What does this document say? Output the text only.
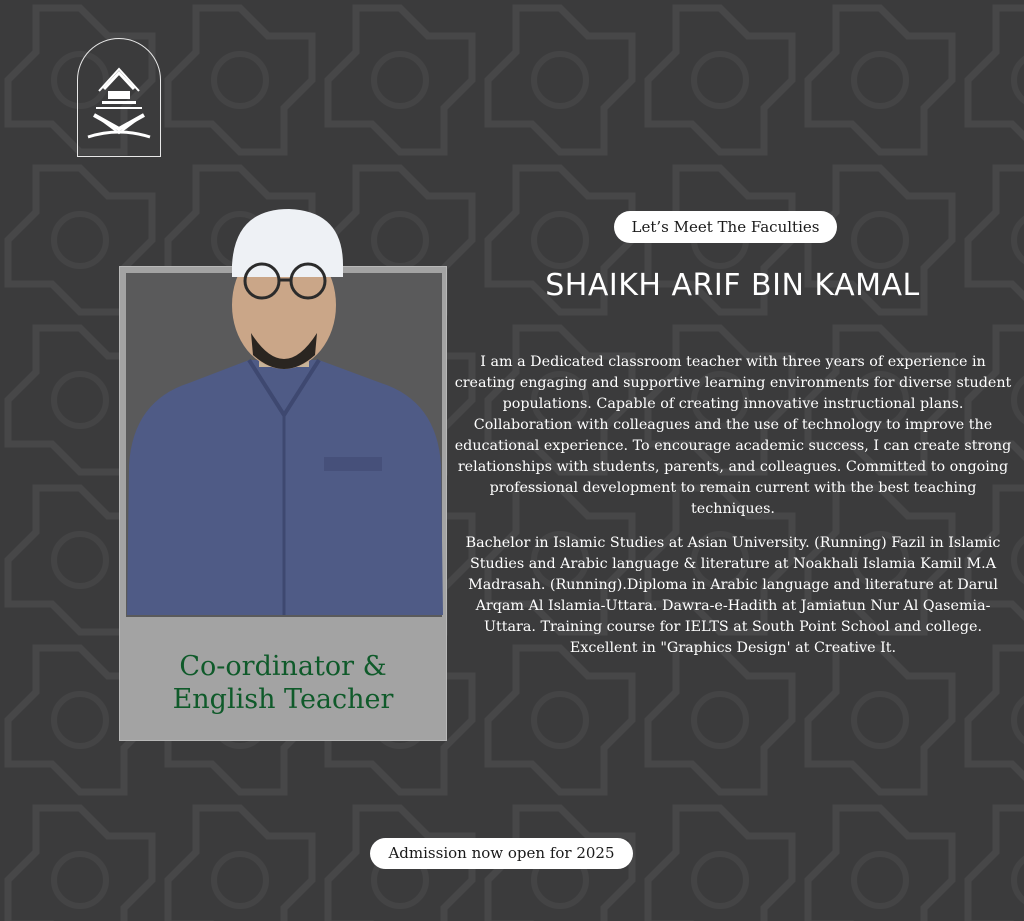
Co-ordinator &
English Teacher
Let’s Meet The Faculties
SHAIKH ARIF BIN KAMAL

I am a Dedicated classroom teacher with three years of experience in creating engaging and supportive learning environments for diverse student populations. Capable of creating innovative instructional plans. Collaboration with colleagues and the use of technology to improve the educational experience. To encourage academic success, I can create strong relationships with students, parents, and colleagues. Committed to ongoing professional development to remain current with the best teaching techniques.

Bachelor in Islamic Studies at Asian University. (Running) Fazil in Islamic Studies and Arabic language & literature at Noakhali Islamia Kamil M.A Madrasah. (Running).Diploma in Arabic language and literature at Darul Arqam Al Islamia-Uttara. Dawra-e-Hadith at Jamiatun Nur Al Qasemia-Uttara. Training course for IELTS at South Point School and college. Excellent in "Graphics Design' at Creative It.

Admission now open for 2025
